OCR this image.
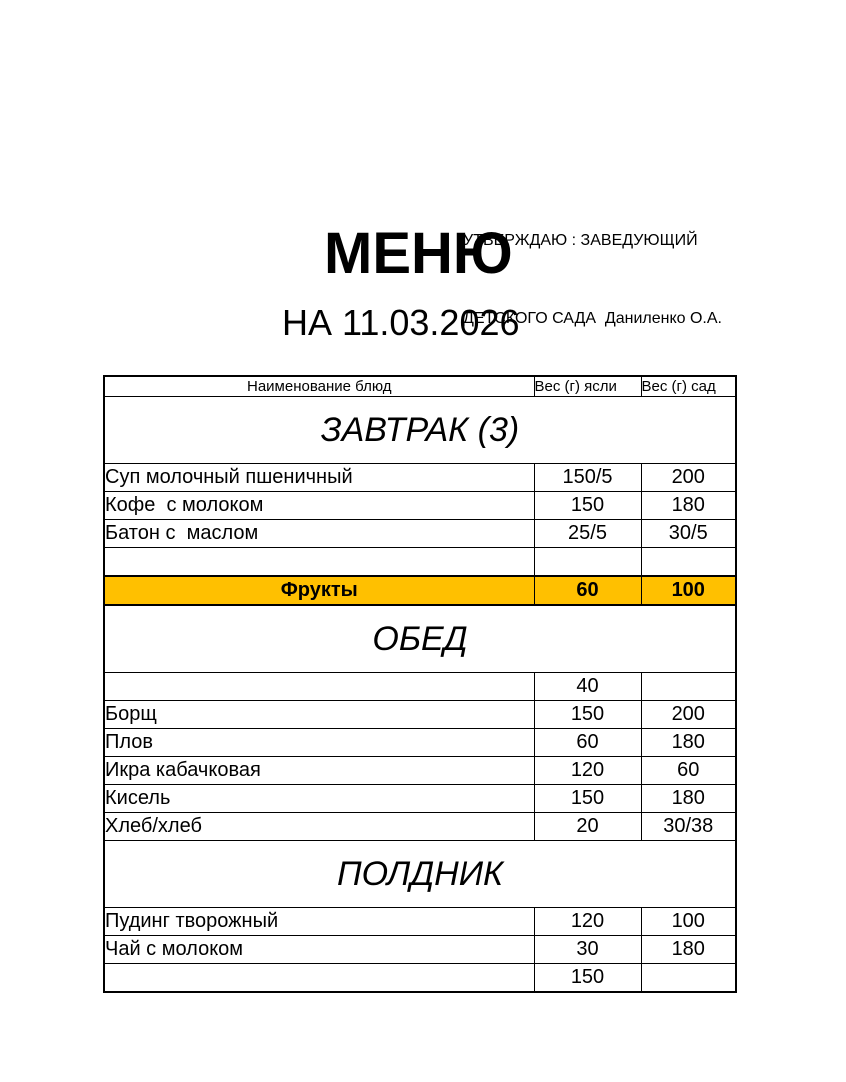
УТВЕРЖДАЮ : ЗАВЕДУЮЩИЙ

ДЕТСКОГО САДА  Даниленко О.А.

МЕНЮ
НА 11.03.2026
Наименование блюд	Вес (г) ясли	Вес (г) сад
ЗАВТРАК (3)		
Суп молочный пшеничный	150/5	200
Кофе  с молоком	150	180
Батон с  маслом	25/5	30/5

Фрукты	60	100
ОБЕД		
	40	
Борщ	150	200
Плов	60	180
Икра кабачковая	120	60
Кисель	150	180
Хлеб/хлеб	20	30/38
ПОЛДНИК		
Пудинг творожный	120	100
Чай с молоком	30	180
	150	
